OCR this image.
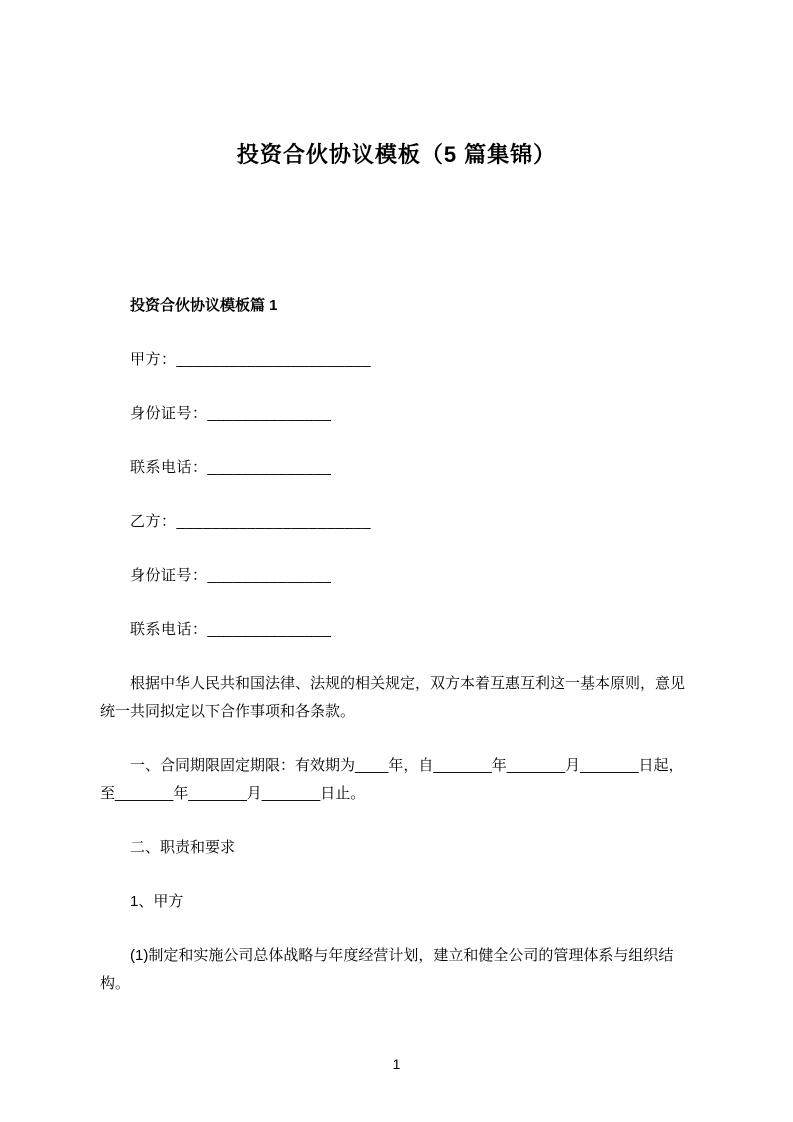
投资合伙协议模板（5 篇集锦）
投资合伙协议模板篇 1

甲方：______________________

身份证号：______________

联系电话：______________

乙方：______________________

身份证号：______________

联系电话：______________

根据中华人民共和国法律、法规的相关规定，双方本着互惠互利这一基本原则，意见统一共同拟定以下合作事项和各条款。

一、合同期限固定期限：有效期为____年，自_______年_______月_______日起，至_______年_______月_______日止。

二、职责和要求

1、甲方

(1)制定和实施公司总体战略与年度经营计划，建立和健全公司的管理体系与组织结构。

1
